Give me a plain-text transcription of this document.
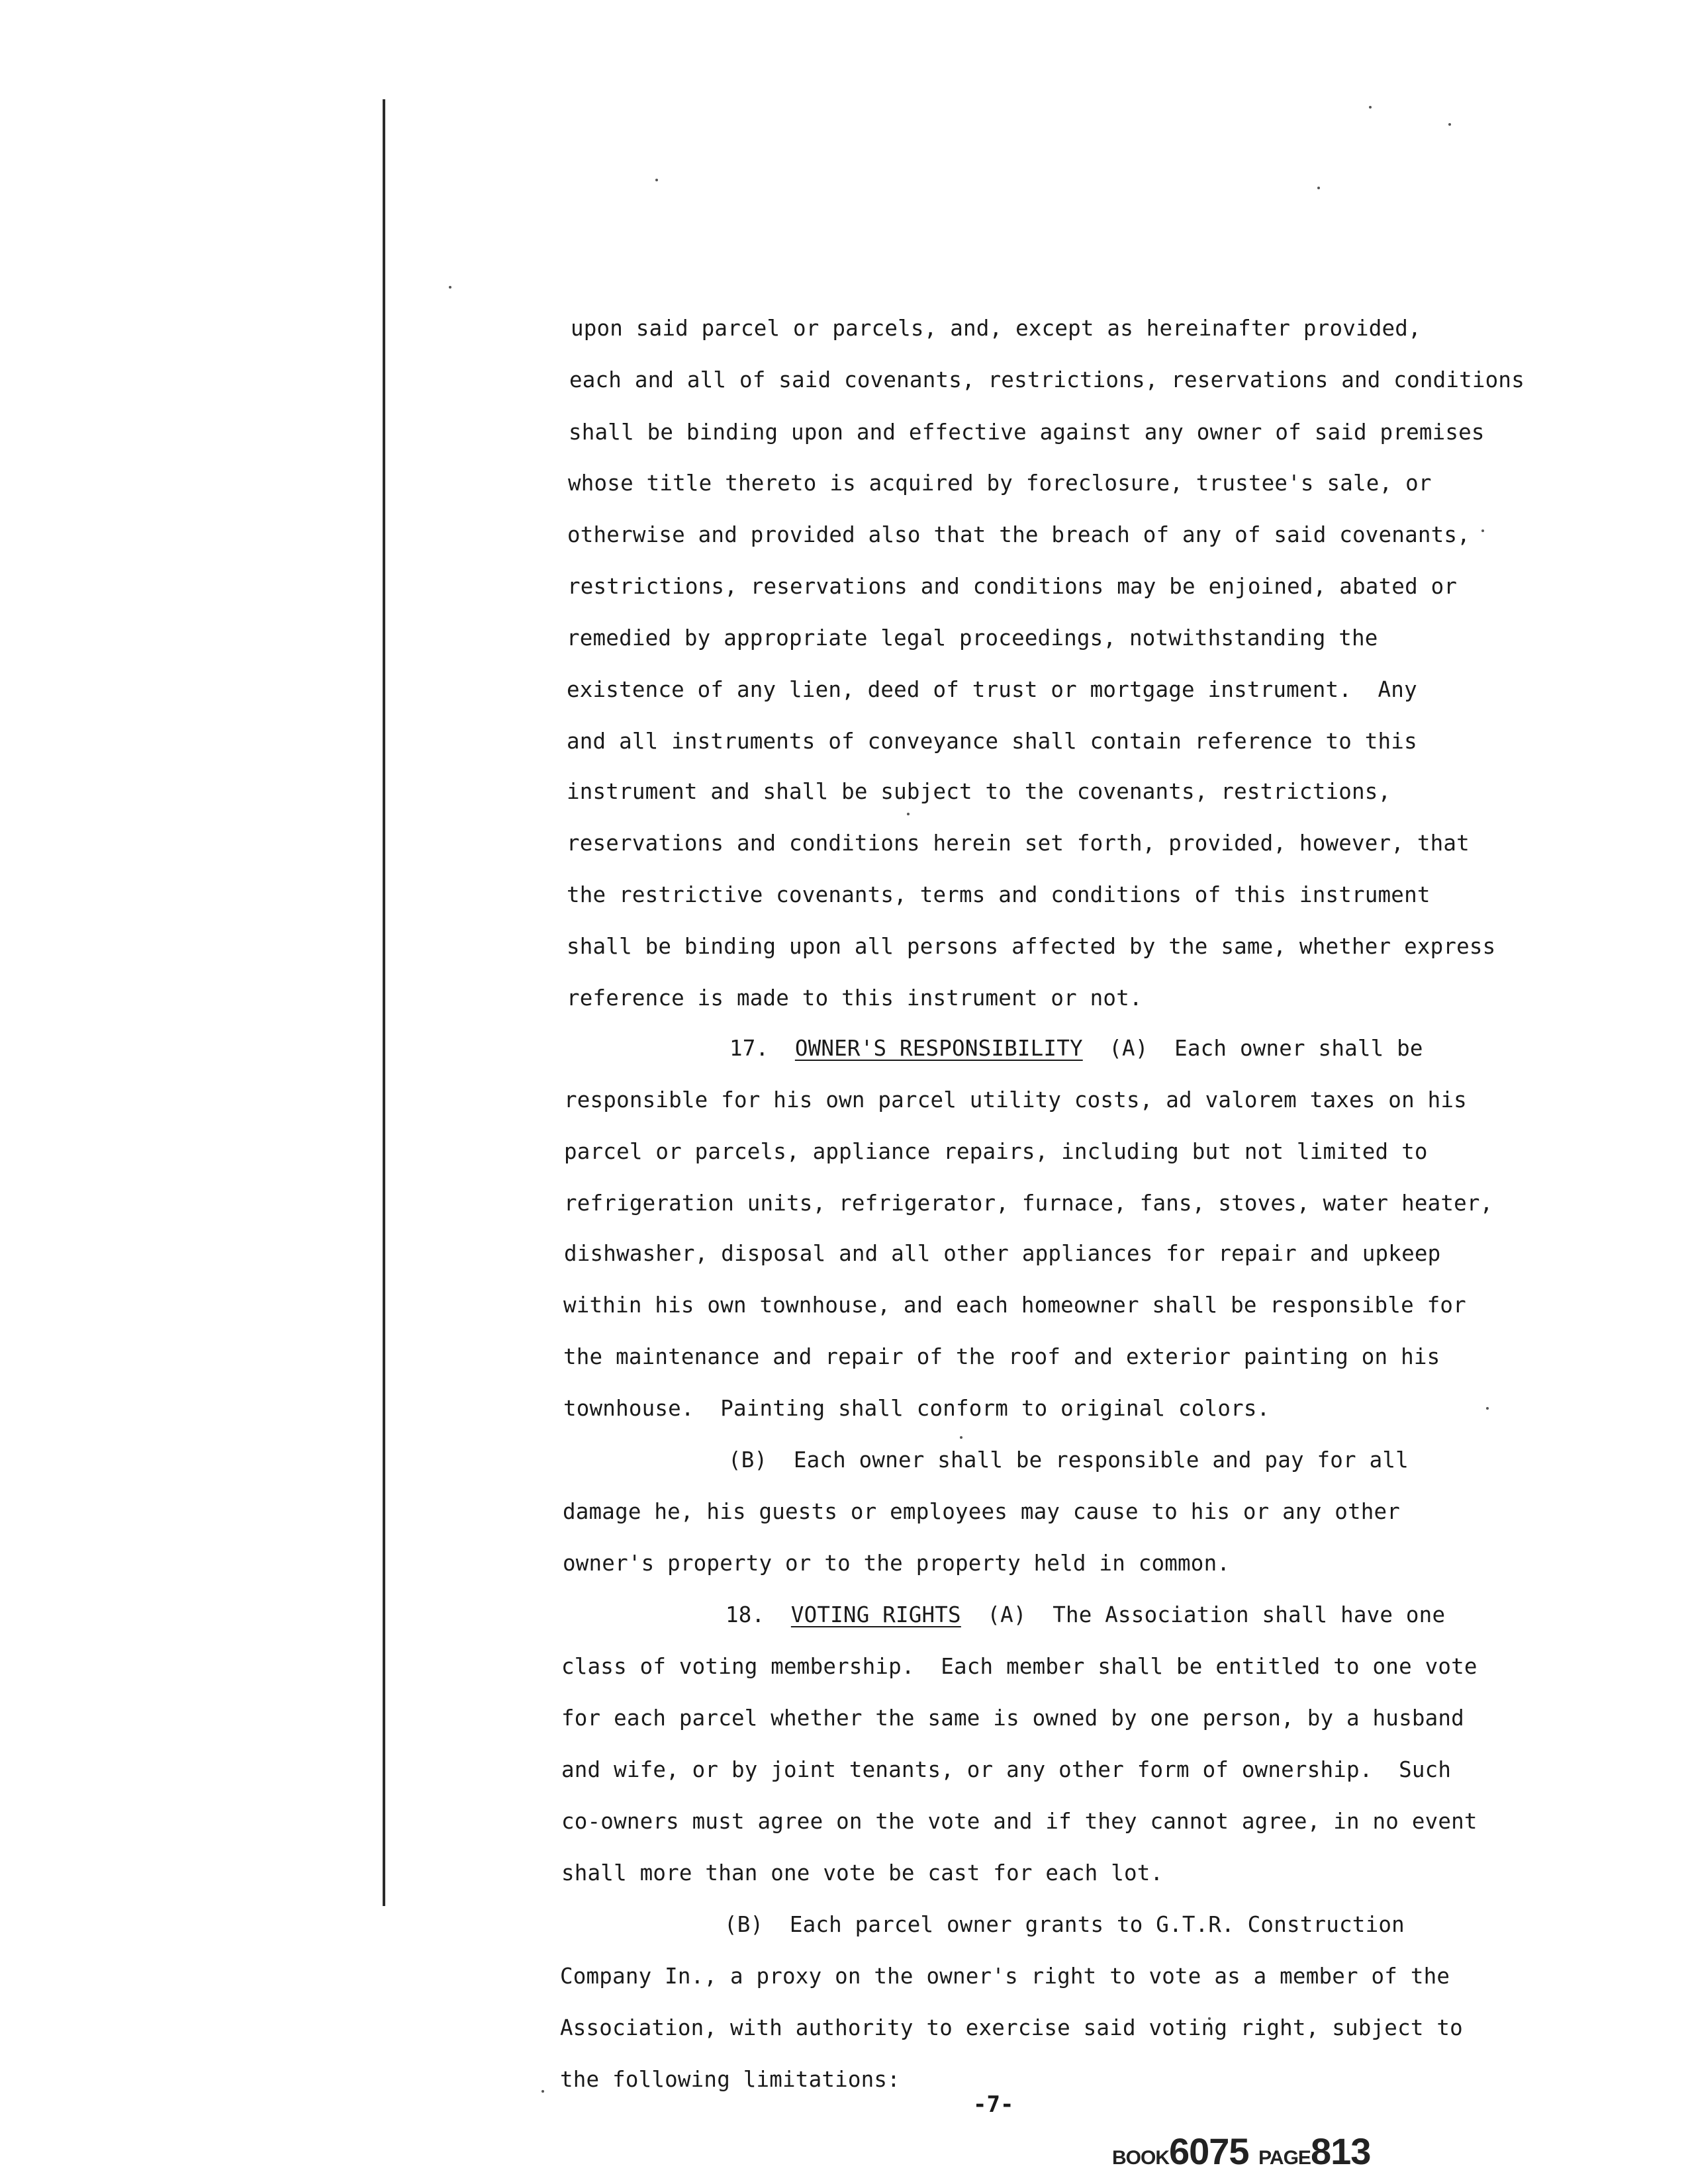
upon said parcel or parcels, and, except as hereinafter provided,
each and all of said covenants, restrictions, reservations and conditions
shall be binding upon and effective against any owner of said premises
whose title thereto is acquired by foreclosure, trustee's sale, or
otherwise and provided also that the breach of any of said covenants,
restrictions, reservations and conditions may be enjoined, abated or
remedied by appropriate legal proceedings, notwithstanding the
existence of any lien, deed of trust or mortgage instrument.  Any
and all instruments of conveyance shall contain reference to this
instrument and shall be subject to the covenants, restrictions,
reservations and conditions herein set forth, provided, however, that
the restrictive covenants, terms and conditions of this instrument
shall be binding upon all persons affected by the same, whether express
reference is made to this instrument or not.
17. OWNER'S RESPONSIBILITY (A)  Each owner shall be
responsible for his own parcel utility costs, ad valorem taxes on his
parcel or parcels, appliance repairs, including but not limited to
refrigeration units, refrigerator, furnace, fans, stoves, water heater,
dishwasher, disposal and all other appliances for repair and upkeep
within his own townhouse, and each homeowner shall be responsible for
the maintenance and repair of the roof and exterior painting on his
townhouse.  Painting shall conform to original colors.
(B)  Each owner shall be responsible and pay for all
damage he, his guests or employees may cause to his or any other
owner's property or to the property held in common.
18. VOTING RIGHTS (A)  The Association shall have one
class of voting membership.  Each member shall be entitled to one vote
for each parcel whether the same is owned by one person, by a husband
and wife, or by joint tenants, or any other form of ownership.  Such
co-owners must agree on the vote and if they cannot agree, in no event
shall more than one vote be cast for each lot.
(B)  Each parcel owner grants to G.T.R. Construction
Company In., a proxy on the owner's right to vote as a member of the
Association, with authority to exercise said voting right, subject to
the following limitations:
-7-
BOOK6075 PAGE813
